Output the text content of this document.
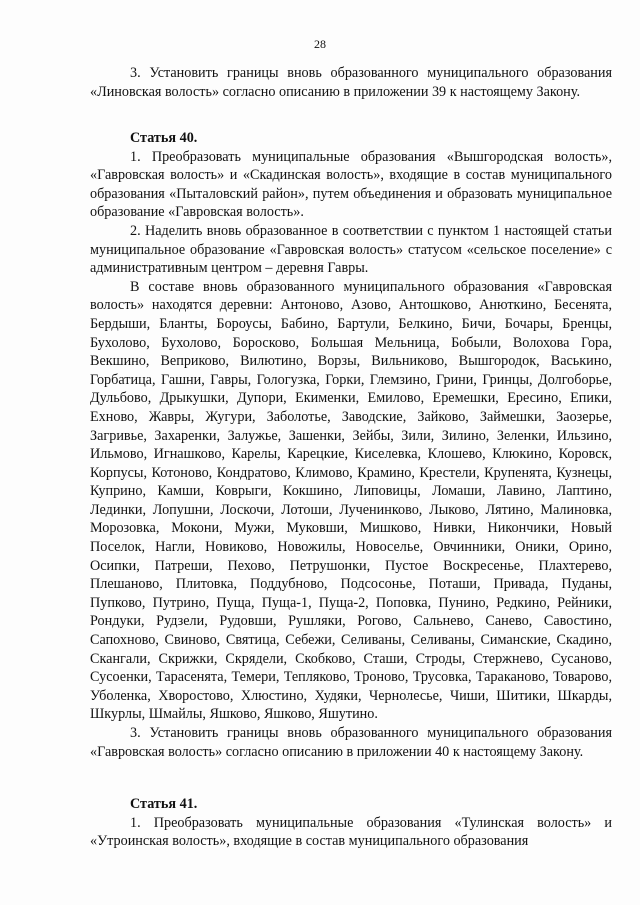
28

3. Установить границы вновь образованного муниципального образования «Линовская волость» согласно описанию в приложении 39 к настоящему Закону.

Статья 40.

1. Преобразовать муниципальные образования «Вышгородская волость», «Гавровская волость» и «Скадинская волость», входящие в состав муниципального образования «Пыталовский район», путем объединения и образовать муниципальное образование «Гавровская волость».

2. Наделить вновь образованное в соответствии с пунктом 1 настоящей статьи муниципальное образование «Гавровская волость» статусом «сельское поселение» с административным центром – деревня Гавры.

В составе вновь образованного муниципального образования «Гавровская волость» находятся деревни: Антоново, Азово, Антошково, Анюткино, Бесенята, Бердыши, Бланты, Бороусы, Бабино, Бартули, Белкино, Бичи, Бочары, Бренцы, Бухолово, Бухолово, Боросково, Большая Мельница, Бобыли, Волохова Гора, Векшино, Веприково, Вилютино, Ворзы, Вильниково, Вышгородок, Васькино, Горбатица, Гашни, Гавры, Гологузка, Горки, Глемзино, Грини, Гринцы, Долгоборье, Дульбово, Дрыкушки, Дупори, Екименки, Емилово, Еремешки, Ересино, Епики, Ехново, Жавры, Жугури, Заболотье, Заводские, Зайково, Займешки, Заозерье, Загривье, Захаренки, Залужье, Зашенки, Зейбы, Зили, Зилино, Зеленки, Ильзино, Ильмово, Игнашково, Карелы, Карецкие, Киселевка, Клошево, Клюкино, Коровск, Корпусы, Котоново, Кондратово, Климово, Крамино, Крестели, Крупенята, Кузнецы, Куприно, Камши, Коврыги, Кокшино, Липовицы, Ломаши, Лавино, Лаптино, Лединки, Лопушни, Лоскочи, Лотоши, Лученинково, Лыково, Лятино, Малиновка, Морозовка, Мокони, Мужи, Муковши, Мишково, Нивки, Никончики, Новый Поселок, Нагли, Новиково, Новожилы, Новоселье, Овчинники, Оники, Орино, Осипки, Патреши, Пехово, Петрушонки, Пустое Воскресенье, Плахтерево, Плешаново, Плитовка, Поддубново, Подсосонье, Поташи, Привада, Пуданы, Пупково, Путрино, Пуща, Пуща-1, Пуща-2, Поповка, Пунино, Редкино, Рейники, Рондуки, Рудзели, Рудовши, Рушляки, Рогово, Сальнево, Санево, Савостино, Сапохново, Свиново, Святица, Себежи, Селиваны, Селиваны, Симанские, Скадино, Скангали, Скрижки, Скрядели, Скобково, Сташи, Строды, Стержнево, Сусаново, Сусоенки, Тарасенята, Темери, Тепляково, Троново, Трусовка, Тараканово, Товарово, Уболенка, Хворостово, Хлюстино, Худяки, Чернолесье, Чиши, Шитики, Шкарды, Шкурлы, Шмайлы, Яшково, Яшково, Яшутино.

3. Установить границы вновь образованного муниципального образования «Гавровская волость» согласно описанию в приложении 40 к настоящему Закону.

Статья 41.

1. Преобразовать муниципальные образования «Тулинская волость» и «Утроинская волость», входящие в состав муниципального образования
